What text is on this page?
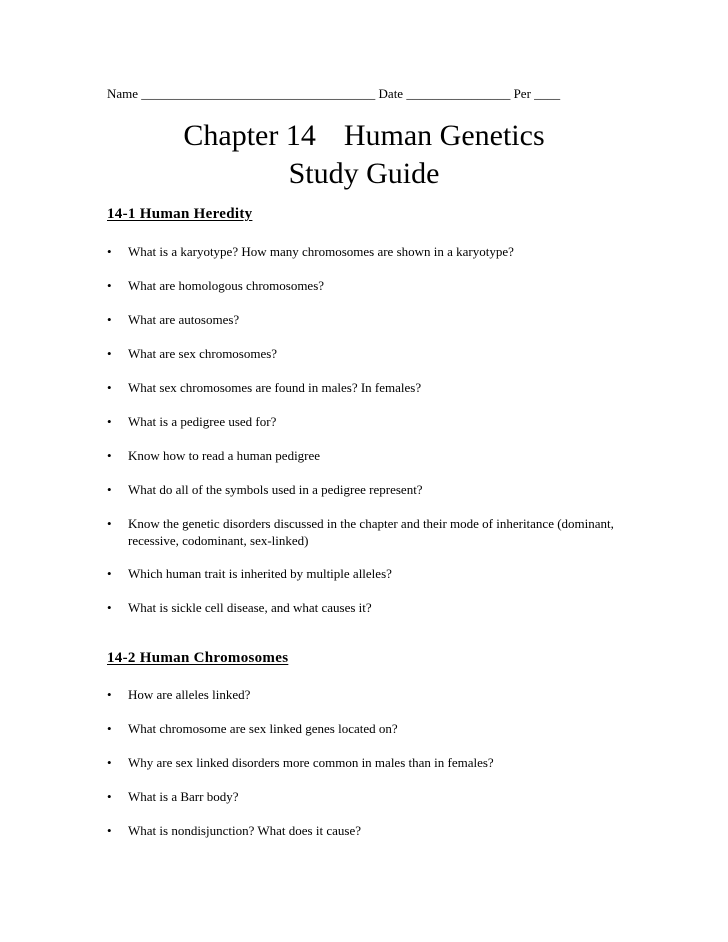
Name ____________________________________ Date ________________ Per ____
Chapter 14 Human Genetics
Study Guide
14-1 Human Heredity
• What is a karyotype? How many chromosomes are shown in a karyotype?
• What are homologous chromosomes?
• What are autosomes?
• What are sex chromosomes?
• What sex chromosomes are found in males? In females?
• What is a pedigree used for?
• Know how to read a human pedigree
• What do all of the symbols used in a pedigree represent?
• Know the genetic disorders discussed in the chapter and their mode of inheritance (dominant, recessive, codominant, sex-linked)
• Which human trait is inherited by multiple alleles?
• What is sickle cell disease, and what causes it?
14-2 Human Chromosomes
• How are alleles linked?
• What chromosome are sex linked genes located on?
• Why are sex linked disorders more common in males than in females?
• What is a Barr body?
• What is nondisjunction? What does it cause?
